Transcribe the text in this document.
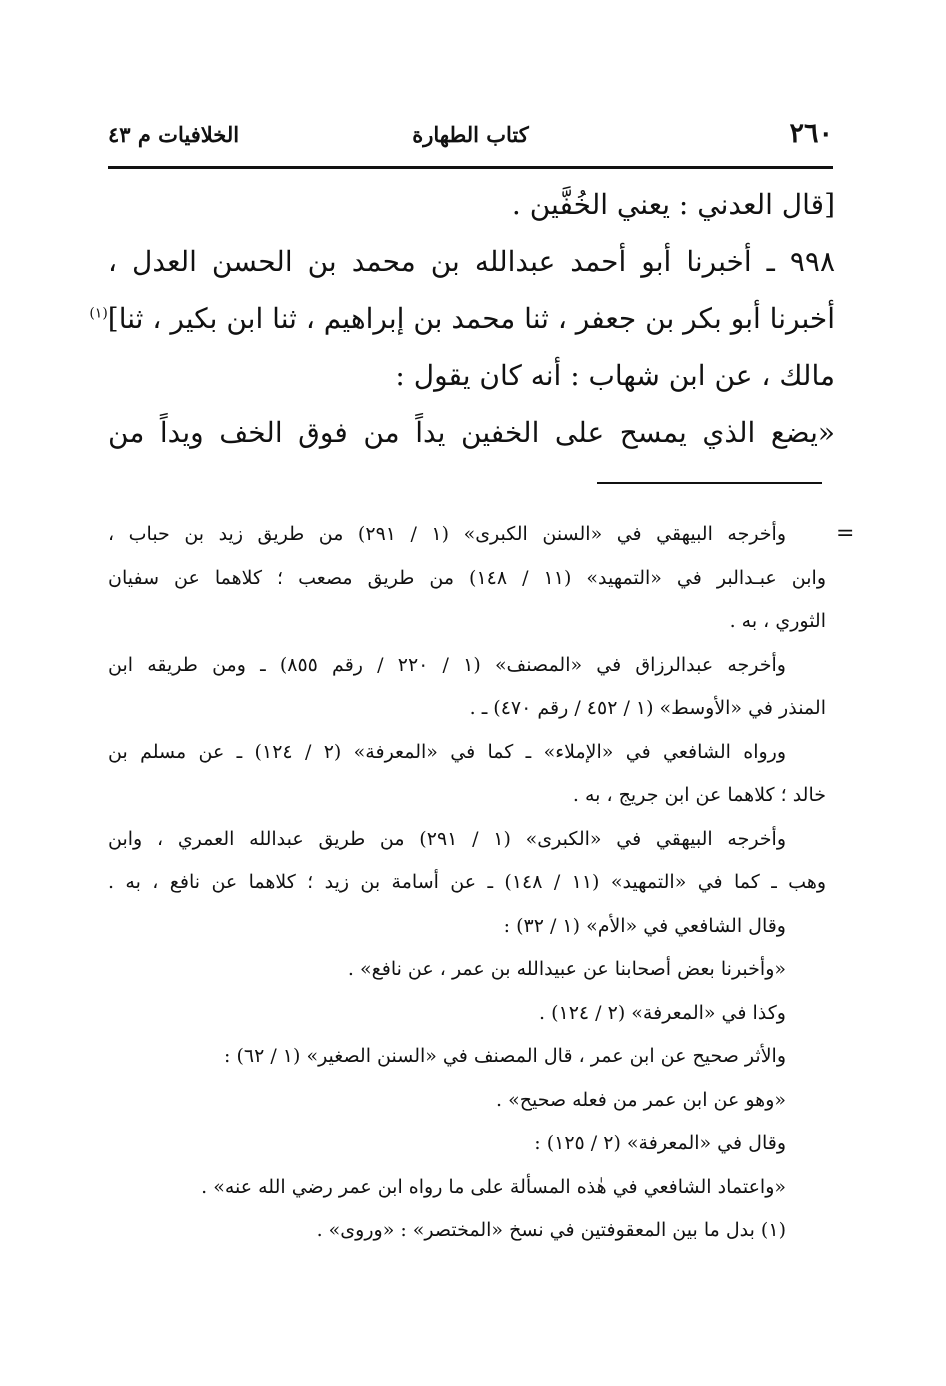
٢٦٠
كتاب الطهارة
الخلافيات م ٤٣
[قال العدني : يعني الخُفَّين .
٩٩٨ ـ أخبرنا أبو أحمد عبدالله بن محمد بن الحسن العدل ،
أخبرنا أبو بكر بن جعفر ، ثنا محمد بن إبراهيم ، ثنا ابن بكير ، ثنا]$^{(١)}$
مالك ، عن ابن شهاب : أنه كان يقول :
«يضع الذي يمسح على الخفين يداً من فوق الخف ويداً من
=
وأخرجه البيهقي في «السنن الكبرى» (١ / ٢٩١) من طريق زيد بن حباب ،
وابن عبـدالبر في «التمهيد» (١١ / ١٤٨) من طريق مصعب ؛ كلاهما عن سفيان
الثوري ، به .
وأخرجه عبدالرزاق في «المصنف» (١ / ٢٢٠ / رقم ٨٥٥) ـ ومن طريقه ابن
المنذر في «الأوسط» (١ / ٤٥٢ / رقم ٤٧٠) ـ .
ورواه الشافعي في «الإملاء» ـ كما في «المعرفة» (٢ / ١٢٤) ـ عن مسلم بن
خالد ؛ كلاهما عن ابن جريج ، به .
وأخرجه البيهقي في «الكبرى» (١ / ٢٩١) من طريق عبدالله العمري ، وابن
وهب ـ كما في «التمهيد» (١١ / ١٤٨) ـ عن أسامة بن زيد ؛ كلاهما عن نافع ، به .
وقال الشافعي في «الأم» (١ / ٣٢) :
«وأخبرنا بعض أصحابنا عن عبيدالله بن عمر ، عن نافع» .
وكذا في «المعرفة» (٢ / ١٢٤) .
والأثر صحيح عن ابن عمر ، قال المصنف في «السنن الصغير» (١ / ٦٢) :
«وهو عن ابن عمر من فعله صحيح» .
وقال في «المعرفة» (٢ / ١٢٥) :
«واعتماد الشافعي في هٰذه المسألة على ما رواه ابن عمر رضي الله عنه» .
(١) بدل ما بين المعقوفتين في نسخ «المختصر» : «وروى» .
